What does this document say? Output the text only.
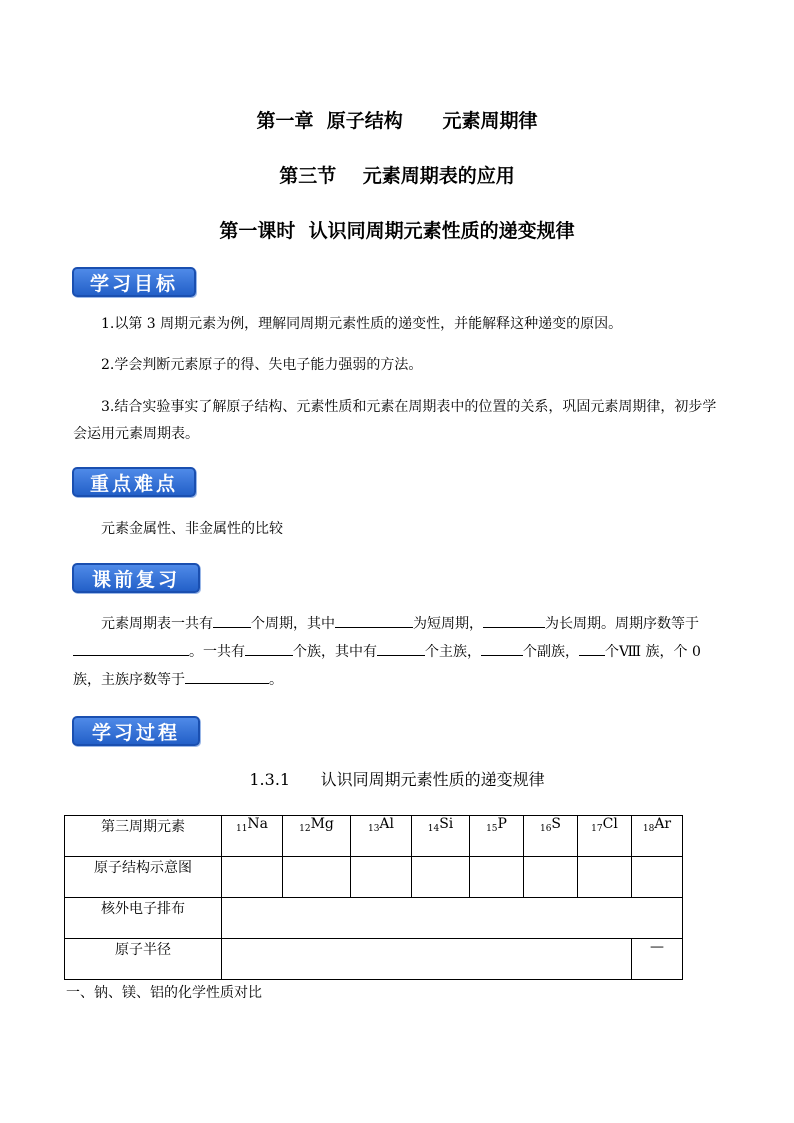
第一章  原子结构      元素周期律
第三节    元素周期表的应用
第一课时  认识同周期元素性质的递变规律
学习目标
1.以第 3 周期元素为例，理解同周期元素性质的递变性，并能解释这种递变的原因。
2.学会判断元素原子的得、失电子能力强弱的方法。
3.结合实验事实了解原子结构、元素性质和元素在周期表中的位置的关系，巩固元素周期律，初步学会运用元素周期表。
重点难点
元素金属性、非金属性的比较
课前复习
元素周期表一共有	个周期，其中	为短周期，	为长周期。周期序数等于。一共有	个族，其中有	个主族，	个副族， 个Ⅷ 族，个 0族，主族序数等于	。
学习过程
1.3.1      认识同周期元素性质的递变规律
第三周期元素	$_{11}$Na	$_{12}$Mg	$_{13}$Al	$_{14}$Si	$_{15}$P	$_{16}$S	$_{17}$Cl	$_{18}$Ar
原子结构示意图								
核外电子排布								
原子半径								—
一、钠、镁、铝的化学性质对比
